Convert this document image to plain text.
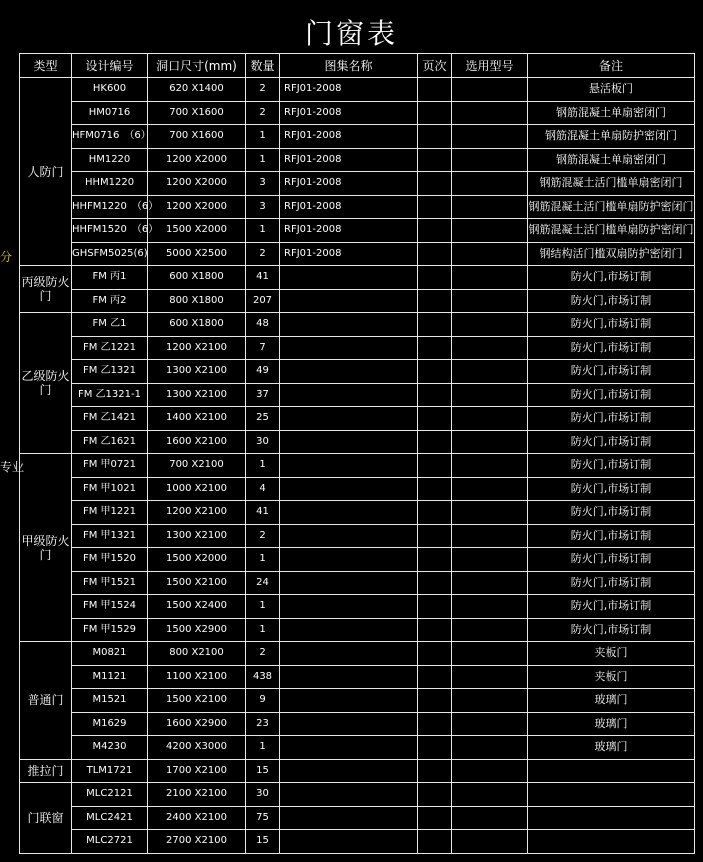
门窗表
分
专业
类型	设计编号	洞口尺寸(mm)	数量	图集名称	页次	选用型号	备注
人防门	HK600	620 X1400	2	RFJ01-2008			悬活板门
	HM0716	700 X1600	2	RFJ01-2008			钢筋混凝土单扇密闭门
	HFM0716　（6）	700 X1600	1	RFJ01-2008			钢筋混凝土单扇防护密闭门
	HM1220	1200 X2000	1	RFJ01-2008			钢筋混凝土单扇密闭门
	HHM1220	1200 X2000	3	RFJ01-2008			钢筋混凝土活门槛单扇密闭门
	HHFM1220　（6）	1200 X2000	3	RFJ01-2008			钢筋混凝土活门槛单扇防护密闭门
	HHFM1520　（6）	1500 X2000	1	RFJ01-2008			钢筋混凝土活门槛单扇防护密闭门
	GHSFM5025(6)	5000 X2500	2	RFJ01-2008			钢结构活门槛双扇防护密闭门
丙级防火门	FM 丙1	600 X1800	41				防火门,市场订制
	FM 丙2	800 X1800	207				防火门,市场订制
乙级防火门	FM 乙1	600 X1800	48				防火门,市场订制
	FM 乙1221	1200 X2100	7				防火门,市场订制
	FM 乙1321	1300 X2100	49				防火门,市场订制
	FM 乙1321-1	1300 X2100	37				防火门,市场订制
	FM 乙1421	1400 X2100	25				防火门,市场订制
	FM 乙1621	1600 X2100	30				防火门,市场订制
甲级防火门	FM 甲0721	700 X2100	1				防火门,市场订制
	FM 甲1021	1000 X2100	4				防火门,市场订制
	FM 甲1221	1200 X2100	41				防火门,市场订制
	FM 甲1321	1300 X2100	2				防火门,市场订制
	FM 甲1520	1500 X2000	1				防火门,市场订制
	FM 甲1521	1500 X2100	24				防火门,市场订制
	FM 甲1524	1500 X2400	1				防火门,市场订制
	FM 甲1529	1500 X2900	1				防火门,市场订制
普通门	M0821	800 X2100	2				夹板门
	M1121	1100 X2100	438				夹板门
	M1521	1500 X2100	9				玻璃门
	M1629	1600 X2900	23				玻璃门
	M4230	4200 X3000	1				玻璃门
推拉门	TLM1721	1700 X2100	15				
门联窗	MLC2121	2100 X2100	30				
	MLC2421	2400 X2100	75				
	MLC2721	2700 X2100	15				
